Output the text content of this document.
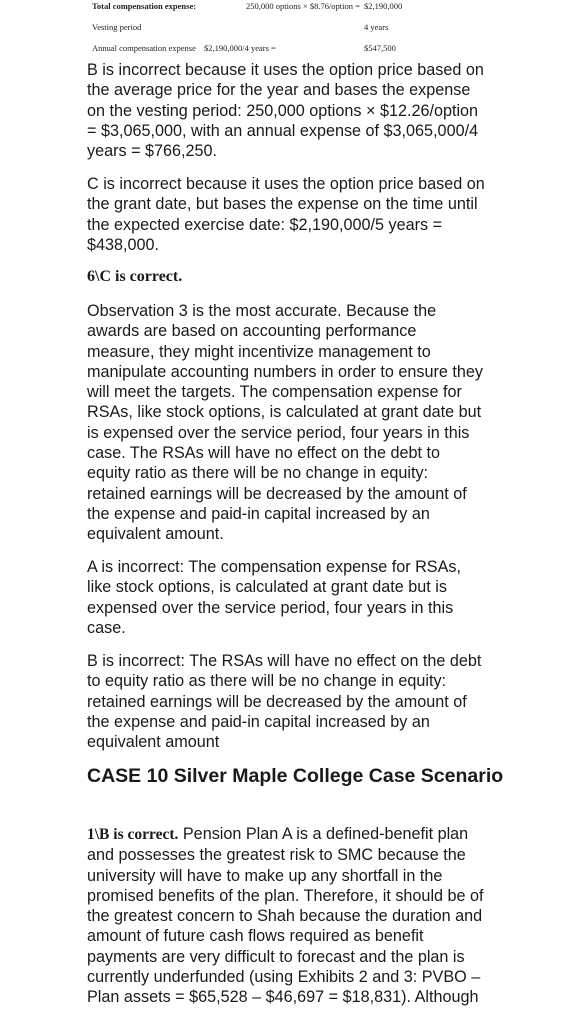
Total compensation expense:	250,000 options × $8.76/option = $2,190,000
Vesting period	4 years
Annual compensation expense $2,190,000/4 years =	$547,500

B is incorrect because it uses the option price based on the average price for the year and bases the expense on the vesting period: 250,000 options × $12.26/option = $3,065,000, with an annual expense of $3,065,000/4 years = $766,250.

C is incorrect because it uses the option price based on the grant date, but bases the expense on the time until the expected exercise date: $2,190,000/5 years = $438,000.

6\C is correct.

Observation 3 is the most accurate. Because the awards are based on accounting performance measure, they might incentivize management to manipulate accounting numbers in order to ensure they will meet the targets. The compensation expense for RSAs, like stock options, is calculated at grant date but is expensed over the service period, four years in this case. The RSAs will have no effect on the debt to equity ratio as there will be no change in equity: retained earnings will be decreased by the amount of the expense and paid-in capital increased by an equivalent amount.

A is incorrect: The compensation expense for RSAs, like stock options, is calculated at grant date but is expensed over the service period, four years in this case.

B is incorrect: The RSAs will have no effect on the debt to equity ratio as there will be no change in equity: retained earnings will be decreased by the amount of the expense and paid-in capital increased by an equivalent amount

CASE 10 Silver Maple College Case Scenario

1\B is correct. Pension Plan A is a defined-benefit plan and possesses the greatest risk to SMC because the university will have to make up any shortfall in the promised benefits of the plan. Therefore, it should be of the greatest concern to Shah because the duration and amount of future cash flows required as benefit payments are very difficult to forecast and the plan is currently underfunded (using Exhibits 2 and 3: PVBO – Plan assets = $65,528 – $46,697 = $18,831). Although
